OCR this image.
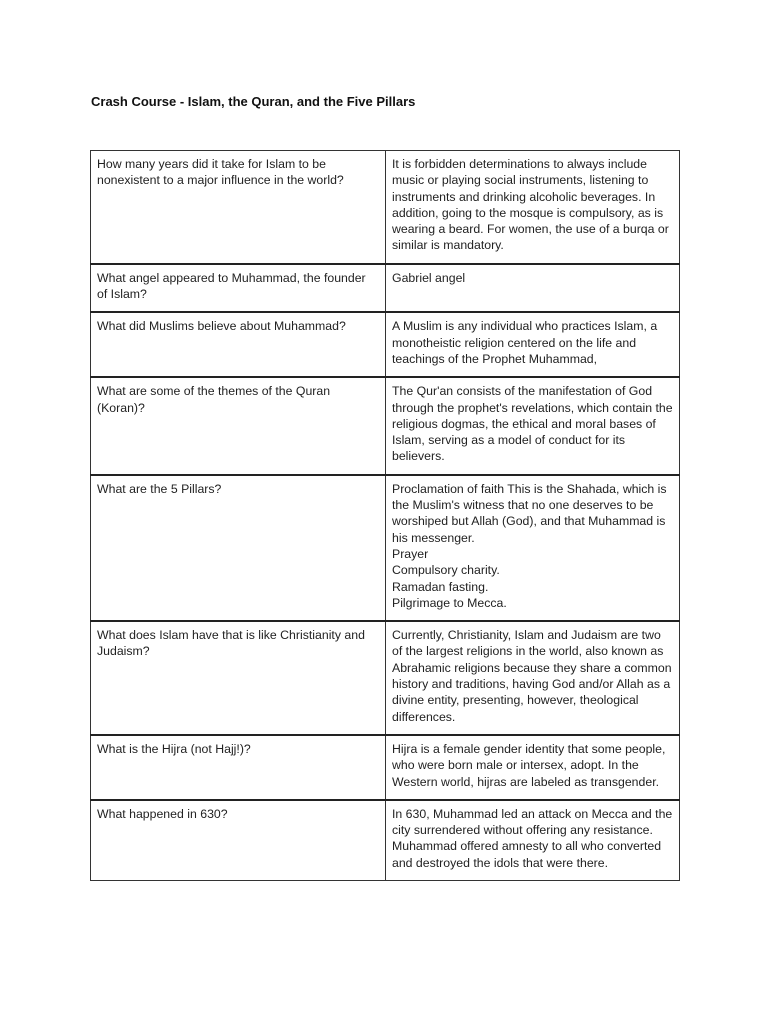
Crash Course - Islam, the Quran, and the Five Pillars
How many years did it take for Islam to be nonexistent to a major influence in the world?	It is forbidden determinations to always include music or playing social instruments, listening to instruments and drinking alcoholic beverages. In addition, going to the mosque is compulsory, as is wearing a beard. For women, the use of a burqa or similar is mandatory.
What angel appeared to Muhammad, the founder of Islam?	Gabriel angel
What did Muslims believe about Muhammad?	A Muslim is any individual who practices Islam, a monotheistic religion centered on the life and teachings of the Prophet Muhammad,
What are some of the themes of the Quran (Koran)?	The Qur'an consists of the manifestation of God through the prophet's revelations, which contain the religious dogmas, the ethical and moral bases of Islam, serving as a model of conduct for its believers.
What are the 5 Pillars?	Proclamation of faith This is the Shahada, which is the Muslim's witness that no one deserves to be worshiped but Allah (God), and that Muhammad is his messenger.
Prayer
Compulsory charity.
Ramadan fasting.
Pilgrimage to Mecca.
What does Islam have that is like Christianity and Judaism?	Currently, Christianity, Islam and Judaism are two of the largest religions in the world, also known as Abrahamic religions because they share a common history and traditions, having God and/or Allah as a divine entity, presenting, however, theological differences.
What is the Hijra (not Hajj!)?	Hijra is a female gender identity that some people, who were born male or intersex, adopt. In the Western world, hijras are labeled as transgender.
What happened in 630?	In 630, Muhammad led an attack on Mecca and the city surrendered without offering any resistance. Muhammad offered amnesty to all who converted and destroyed the idols that were there.
